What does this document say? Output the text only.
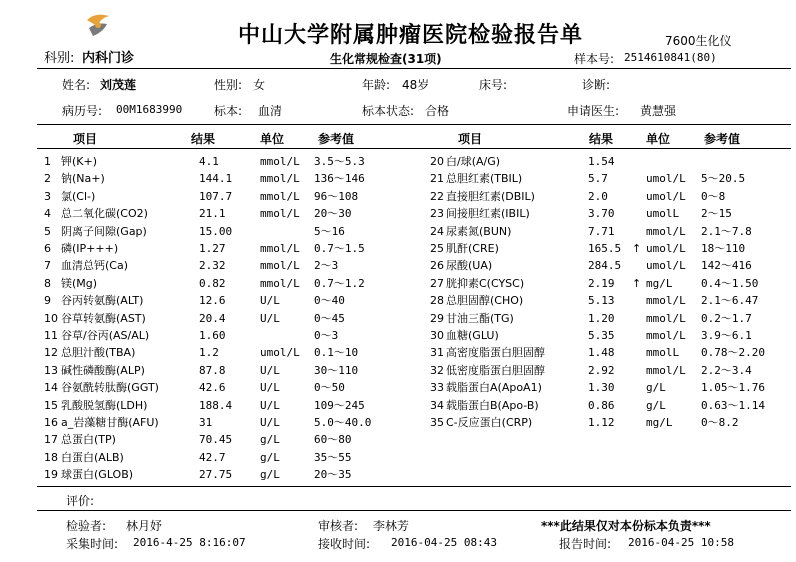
中山大学附属肿瘤医院检验报告单	7600生化仪
科别: 内科门诊	生化常规检查(31项)	样本号: 2514610841(80)
姓名: 刘茂莲	性别: 女	年龄: 48岁	床号:	诊断:
病历号: 00M1683990	标本: 血清	标本状态: 合格	申请医生: 黄慧强
项目	结果	单位	参考值	项目	结果	单位	参考值
1 钾(K+)	4.1	mmol/L 3.5～5.3
2 钠(Na+)	144.1	mmol/L 136～146
3 氯(Cl-)	107.7	mmol/L 96～108
4 总二氧化碳(CO2)	21.1	mmol/L 20～30
5 阴离子间隙(Gap)	15.00	5～16
6 磷(IP+++)	1.27	mmol/L 0.7～1.5
7 血清总钙(Ca)	2.32	mmol/L 2～3
8 镁(Mg)	0.82	mmol/L 0.7～1.2
9 谷丙转氨酶(ALT)	12.6	U/L	0～40
10 谷草转氨酶(AST)	20.4	U/L	0～45
11 谷草/谷丙(AS/AL)	1.60	0～3
12 总胆汁酸(TBA)	1.2	umol/L 0.1～10
13 碱性磷酸酶(ALP)	87.8	U/L	30～110
14 谷氨酰转肽酶(GGT)	42.6	U/L	0～50
15 乳酸脱氢酶(LDH)	188.4	U/L	109～245
16 a_岩藻糖甘酶(AFU)	31	U/L	5.0～40.0
17 总蛋白(TP)	70.45	g/L	60～80
18 白蛋白(ALB)	42.7	g/L	35～55
19 球蛋白(GLOB)	27.75	g/L	20～35
20 白/球(A/G)	1.54
21 总胆红素(TBIL)	5.7	umol/L 5～20.5
22 直接胆红素(DBIL)	2.0	umol/L 0～8
23 间接胆红素(IBIL)	3.70	umolL 2～15
24 尿素氮(BUN)	7.71	mmol/L 2.1～7.8
25 肌酐(CRE)	165.5 ↑ umol/L 18～110
26 尿酸(UA)	284.5 umol/L 142～416
27 胱抑素C(CYSC)	2.19 ↑ mg/L	0.4～1.50
28 总胆固醇(CHO)	5.13	mmol/L 2.1～6.47
29 甘油三酯(TG)	1.20	mmol/L 0.2～1.7
30 血糖(GLU)	5.35	mmol/L 3.9～6.1
31 高密度脂蛋白胆固醇	1.48	mmolL 0.78～2.20
32 低密度脂蛋白胆固醇	2.92	mmol/L 2.2～3.4
33 载脂蛋白A(ApoA1)	1.30	g/L	1.05～1.76
34 载脂蛋白B(Apo-B)	0.86	g/L	0.63～1.14
35 C-反应蛋白(CRP)	1.12	mg/L	0～8.2
评价:
检验者: 林月妤	审核者: 李林芳	***此结果仅对本份标本负责***
采集时间: 2016-4-25 8:16:07	接收时间: 2016-04-25 08:43	报告时间: 2016-04-25 10:58
